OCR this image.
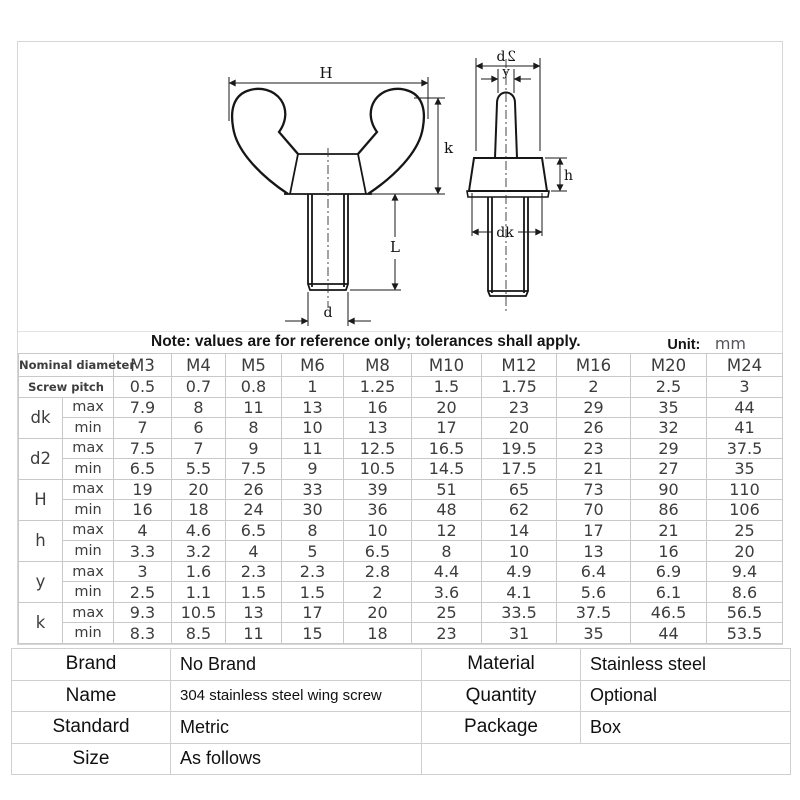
H
k
L
d
d 2
y
h
dk
Note: values are for reference only; tolerances shall apply.	Unit: mm
Nominal diameter		M3	M4	M5	M6	M8	M10	M12	M16	M20	M24
Screw pitch		0.5	0.7	0.8	1	1.25	1.5	1.75	2	2.5	3
dk	max	7.9	8	11	13	16	20	23	29	35	44
	min	7	6	8	10	13	17	20	26	32	41
d2	max	7.5	7	9	11	12.5	16.5	19.5	23	29	37.5
	min	6.5	5.5	7.5	9	10.5	14.5	17.5	21	27	35
H	max	19	20	26	33	39	51	65	73	90	110
	min	16	18	24	30	36	48	62	70	86	106
h	max	4	4.6	6.5	8	10	12	14	17	21	25
	min	3.3	3.2	4	5	6.5	8	10	13	16	20
y	max	3	1.6	2.3	2.3	2.8	4.4	4.9	6.4	6.9	9.4
	min	2.5	1.1	1.5	1.5	2	3.6	4.1	5.6	6.1	8.6
k	max	9.3	10.5	13	17	20	25	33.5	37.5	46.5	56.5
	min	8.3	8.5	11	15	18	23	31	35	44	53.5
Brand	No Brand	Material	Stainless steel
Name	304 stainless steel wing screw	Quantity	Optional
Standard	Metric	Package	Box
Size	As follows		
